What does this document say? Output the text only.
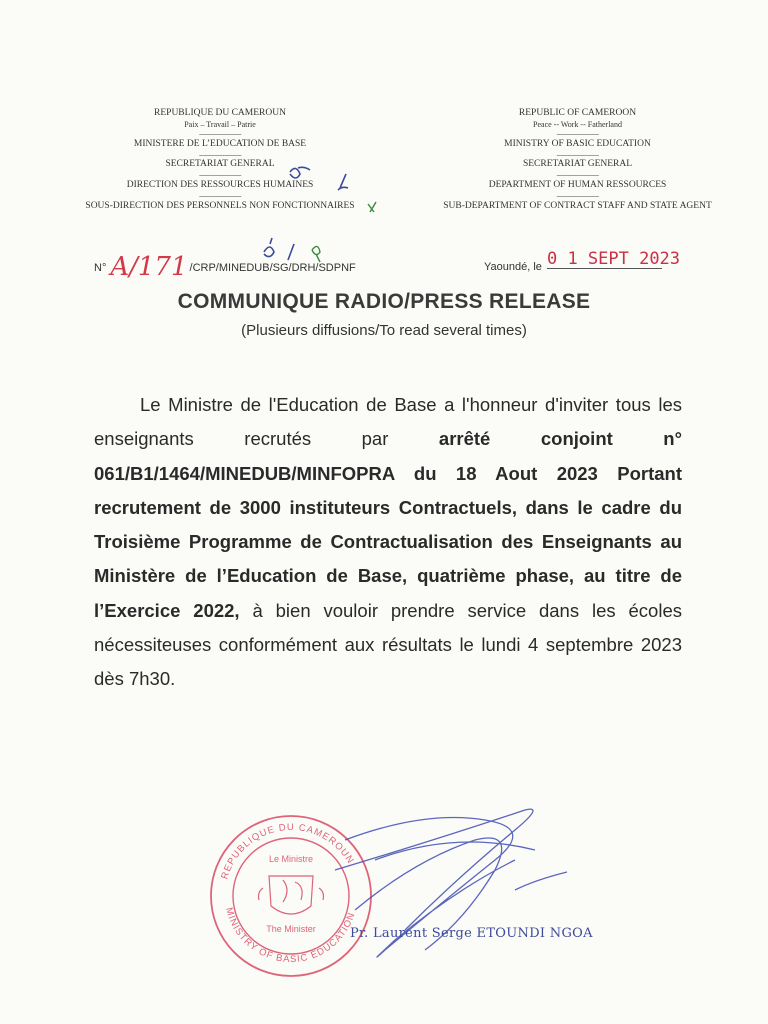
REPUBLIQUE DU CAMEROUN
Paix – Travail – Patrie
-----------------------
MINISTERE DE L’EDUCATION DE BASE
-----------------------
SECRETARIAT GENERAL
-----------------------
DIRECTION DES RESSOURCES HUMAINES
-----------------------
SOUS-DIRECTION DES PERSONNELS NON FONCTIONNAIRES
REPUBLIC OF CAMEROON
Peace -- Work -- Fatherland
-----------------------
MINISTRY OF BASIC EDUCATION
-----------------------
SECRETARIAT GENERAL
-----------------------
DEPARTMENT OF HUMAN RESSOURCES
-----------------------
SUB-DEPARTMENT OF CONTRACT STAFF AND STATE AGENT
N° A/171 /CRP/MINEDUB/SG/DRH/SDPNF	Yaoundé, le 0 1 SEPT 2023
COMMUNIQUE RADIO/PRESS RELEASE
(Plusieurs diffusions/To read several times)
Le Ministre de l'Education de Base a l'honneur d'inviter tous les enseignants recrutés par arrêté conjoint n° 061/B1/1464/MINEDUB/MINFOPRA du 18 Aout 2023 Portant recrutement de 3000 instituteurs Contractuels, dans le cadre du Troisième Programme de Contractualisation des Enseignants au Ministère de l’Education de Base, quatrième phase, au titre de l’Exercice 2022, à bien vouloir prendre service dans les écoles nécessiteuses conformément aux résultats le lundi 4 septembre 2023 dès 7h30.
REPUBLIQUE DU CAMEROUN
MINISTRY OF BASIC EDUCATION
Le Ministre
The Minister	Pr. Laurent Serge ETOUNDI NGOA
